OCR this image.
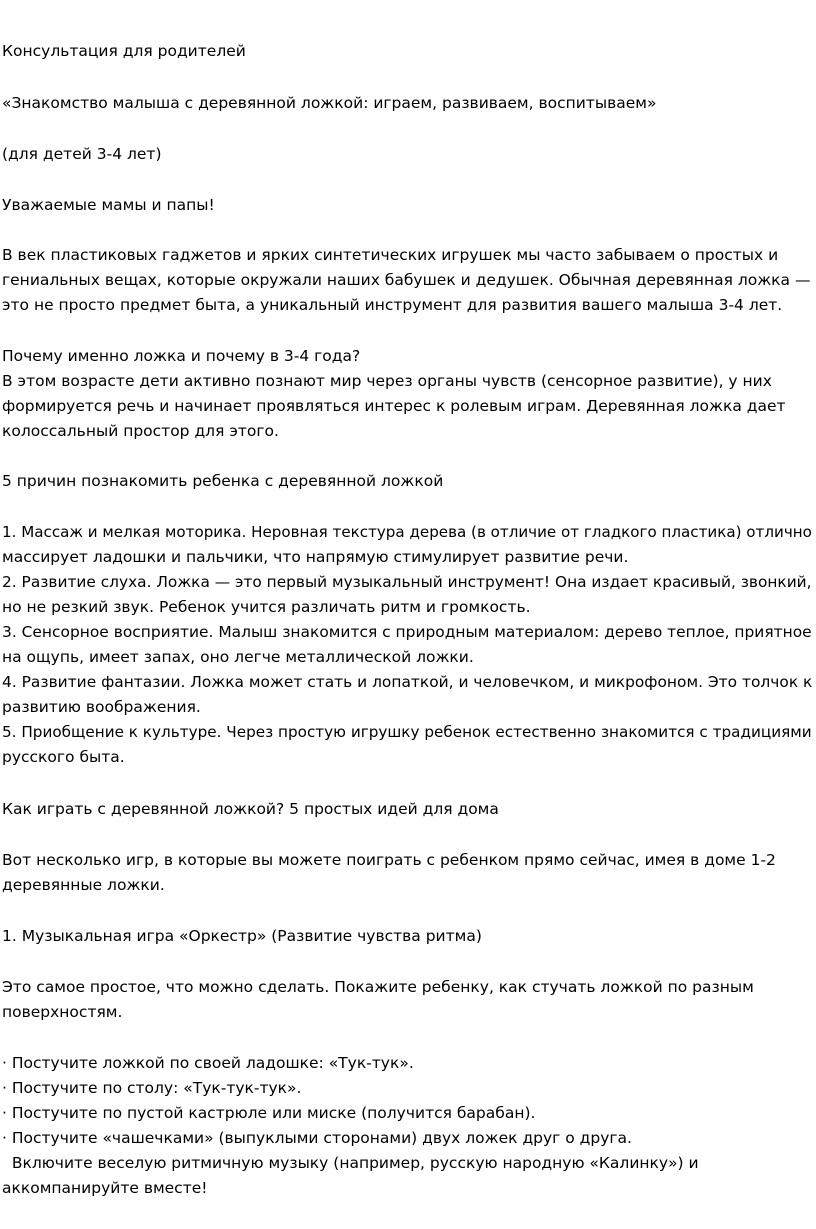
Консультация для родителей
«Знакомство малыша с деревянной ложкой: играем, развиваем, воспитываем»
(для детей 3-4 лет)
Уважаемые мамы и папы!
В век пластиковых гаджетов и ярких синтетических игрушек мы часто забываем о простых и
гениальных вещах, которые окружали наших бабушек и дедушек. Обычная деревянная ложка —
это не просто предмет быта, а уникальный инструмент для развития вашего малыша 3-4 лет.
Почему именно ложка и почему в 3-4 года?
В этом возрасте дети активно познают мир через органы чувств (сенсорное развитие), у них
формируется речь и начинает проявляться интерес к ролевым играм. Деревянная ложка дает
колоссальный простор для этого.
5 причин познакомить ребенка с деревянной ложкой
1. Массаж и мелкая моторика. Неровная текстура дерева (в отличие от гладкого пластика) отлично
массирует ладошки и пальчики, что напрямую стимулирует развитие речи.
2. Развитие слуха. Ложка — это первый музыкальный инструмент! Она издает красивый, звонкий,
но не резкий звук. Ребенок учится различать ритм и громкость.
3. Сенсорное восприятие. Малыш знакомится с природным материалом: дерево теплое, приятное
на ощупь, имеет запах, оно легче металлической ложки.
4. Развитие фантазии. Ложка может стать и лопаткой, и человечком, и микрофоном. Это толчок к
развитию воображения.
5. Приобщение к культуре. Через простую игрушку ребенок естественно знакомится с традициями
русского быта.
Как играть с деревянной ложкой? 5 простых идей для дома
Вот несколько игр, в которые вы можете поиграть с ребенком прямо сейчас, имея в доме 1-2
деревянные ложки.
1. Музыкальная игра «Оркестр» (Развитие чувства ритма)
Это самое простое, что можно сделать. Покажите ребенку, как стучать ложкой по разным
поверхностям.
· Постучите ложкой по своей ладошке: «Тук-тук».
· Постучите по столу: «Тук-тук-тук».
· Постучите по пустой кастрюле или миске (получится барабан).
· Постучите «чашечками» (выпуклыми сторонами) двух ложек друг о друга.
Включите веселую ритмичную музыку (например, русскую народную «Калинку») и
аккомпанируйте вместе!
